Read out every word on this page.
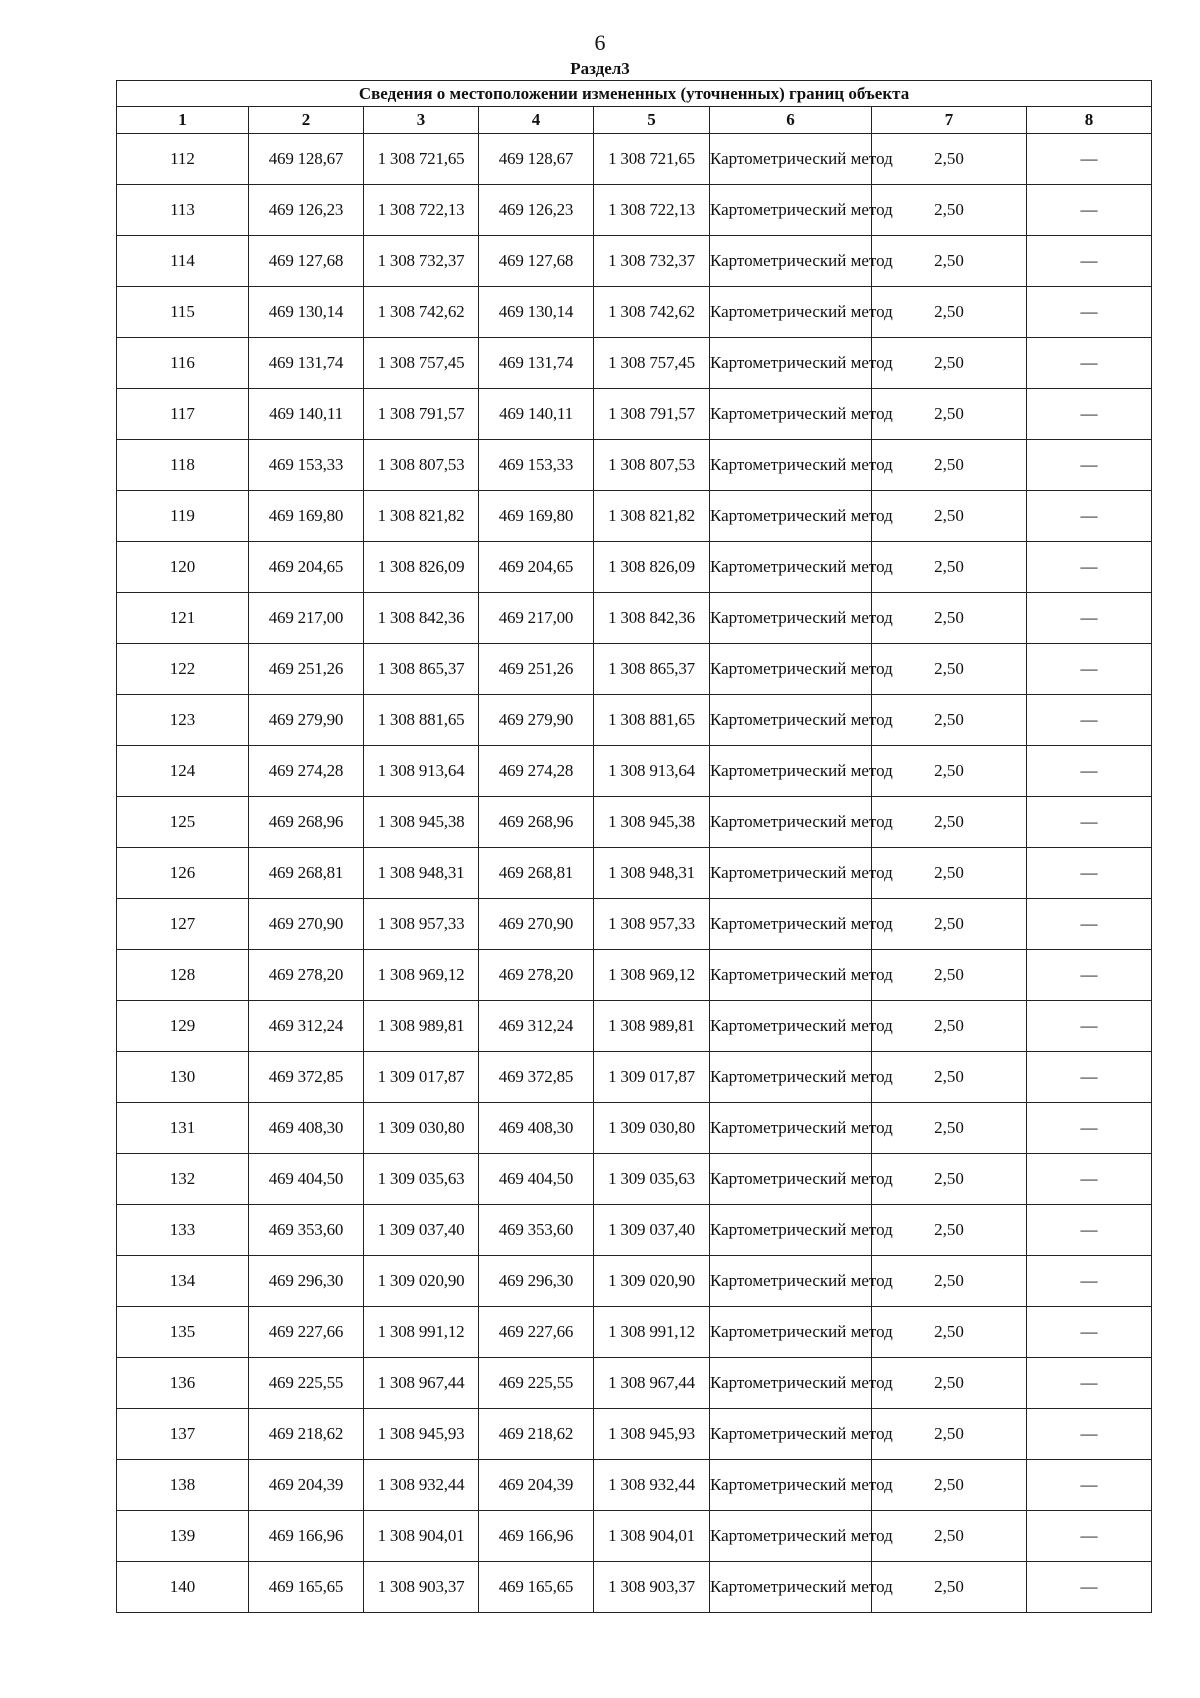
6
Раздел3
Сведения о местоположении измененных (уточненных) границ объекта							
1	2	3	4	5	6	7	8
112	469 128,67	1 308 721,65	469 128,67	1 308 721,65	Картометрический метод	2,50	—
113	469 126,23	1 308 722,13	469 126,23	1 308 722,13	Картометрический метод	2,50	—
114	469 127,68	1 308 732,37	469 127,68	1 308 732,37	Картометрический метод	2,50	—
115	469 130,14	1 308 742,62	469 130,14	1 308 742,62	Картометрический метод	2,50	—
116	469 131,74	1 308 757,45	469 131,74	1 308 757,45	Картометрический метод	2,50	—
117	469 140,11	1 308 791,57	469 140,11	1 308 791,57	Картометрический метод	2,50	—
118	469 153,33	1 308 807,53	469 153,33	1 308 807,53	Картометрический метод	2,50	—
119	469 169,80	1 308 821,82	469 169,80	1 308 821,82	Картометрический метод	2,50	—
120	469 204,65	1 308 826,09	469 204,65	1 308 826,09	Картометрический метод	2,50	—
121	469 217,00	1 308 842,36	469 217,00	1 308 842,36	Картометрический метод	2,50	—
122	469 251,26	1 308 865,37	469 251,26	1 308 865,37	Картометрический метод	2,50	—
123	469 279,90	1 308 881,65	469 279,90	1 308 881,65	Картометрический метод	2,50	—
124	469 274,28	1 308 913,64	469 274,28	1 308 913,64	Картометрический метод	2,50	—
125	469 268,96	1 308 945,38	469 268,96	1 308 945,38	Картометрический метод	2,50	—
126	469 268,81	1 308 948,31	469 268,81	1 308 948,31	Картометрический метод	2,50	—
127	469 270,90	1 308 957,33	469 270,90	1 308 957,33	Картометрический метод	2,50	—
128	469 278,20	1 308 969,12	469 278,20	1 308 969,12	Картометрический метод	2,50	—
129	469 312,24	1 308 989,81	469 312,24	1 308 989,81	Картометрический метод	2,50	—
130	469 372,85	1 309 017,87	469 372,85	1 309 017,87	Картометрический метод	2,50	—
131	469 408,30	1 309 030,80	469 408,30	1 309 030,80	Картометрический метод	2,50	—
132	469 404,50	1 309 035,63	469 404,50	1 309 035,63	Картометрический метод	2,50	—
133	469 353,60	1 309 037,40	469 353,60	1 309 037,40	Картометрический метод	2,50	—
134	469 296,30	1 309 020,90	469 296,30	1 309 020,90	Картометрический метод	2,50	—
135	469 227,66	1 308 991,12	469 227,66	1 308 991,12	Картометрический метод	2,50	—
136	469 225,55	1 308 967,44	469 225,55	1 308 967,44	Картометрический метод	2,50	—
137	469 218,62	1 308 945,93	469 218,62	1 308 945,93	Картометрический метод	2,50	—
138	469 204,39	1 308 932,44	469 204,39	1 308 932,44	Картометрический метод	2,50	—
139	469 166,96	1 308 904,01	469 166,96	1 308 904,01	Картометрический метод	2,50	—
140	469 165,65	1 308 903,37	469 165,65	1 308 903,37	Картометрический метод	2,50	—
